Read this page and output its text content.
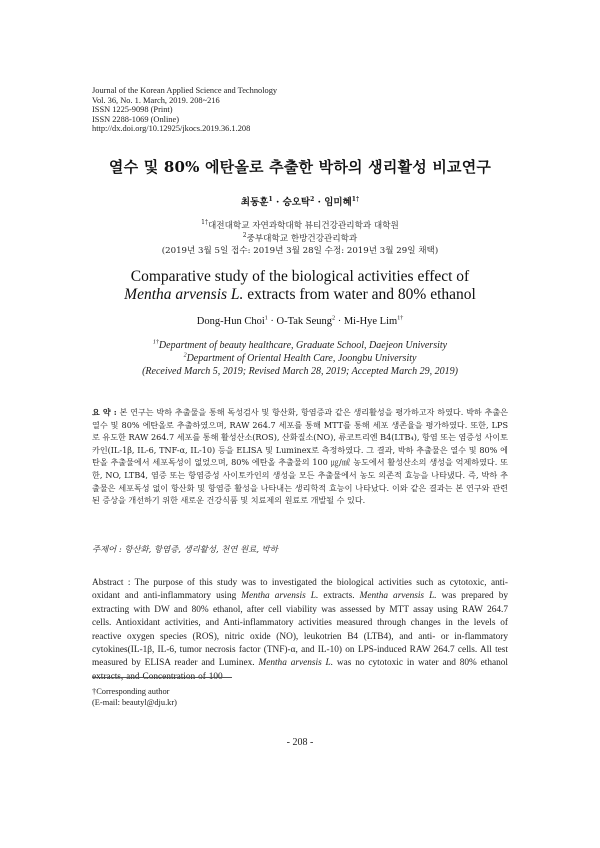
Journal of the Korean Applied Science and Technology
Vol. 36, No. 1. March, 2019. 208~216
ISSN 1225-9098 (Print)
ISSN 2288-1069 (Online)
http://dx.doi.org/10.12925/jkocs.2019.36.1.208
열수 및 80% 에탄올로 추출한 박하의 생리활성 비교연구
최동훈$^1$ · 승오탁$^2$ · 임미혜$^{1\dagger}$
$^{1\dagger}$대전대학교 자연과학대학 뷰티건강관리학과 대학원
$^2$중부대학교 한방건강관리학과
(2019년 3월 5일 접수: 2019년 3월 28일 수정: 2019년 3월 29일 채택)
Comparative study of the biological activities effect of
Mentha arvensis L. extracts from water and 80% ethanol
Dong-Hun Choi$^1$ · O-Tak Seung$^2$ · Mi-Hye Lim$^{1\dagger}$
$^{1\dagger}$Department of beauty healthcare, Graduate School, Daejeon University
$^2$Department of Oriental Health Care, Joongbu University
(Received March 5, 2019; Revised March 28, 2019; Accepted March 29, 2019)
요 약 : 본 연구는 박하 추출물을 통해 독성검사 및 항산화, 항염증과 같은 생리활성을 평가하고자 하였다. 박하 추출은 열수 및 80% 에탄올로 추출하였으며, RAW 264.7 세포를 통해 MTT를 통해 세포 생존율을 평가하였다. 또한, LPS로 유도한 RAW 264.7 세포를 통해 활성산소(ROS), 산화질소(NO), 류코트리엔 B4(LTB₄), 항염 또는 염증성 사이토카인(IL-1β, IL-6, TNF-α, IL-10) 등을 ELISA 및 Luminex로 측정하였다. 그 결과, 박하 추출물은 열수 및 80% 에탄올 추출물에서 세포독성이 없었으며, 80% 에탄올 추출물의 100 ㎍/㎖ 농도에서 활성산소의 생성을 억제하였다. 또한, NO, LTB4, 염증 또는 항염증성 사이토카인의 생성을 모든 추출물에서 농도 의존적 효능을 나타냈다. 즉, 박하 추출물은 세포독성 없이 항산화 및 항염증 활성을 나타내는 생리학적 효능이 나타났다. 이와 같은 결과는 본 연구와 관련된 증상을 개선하기 위한 새로운 건강식품 및 치료제의 원료로 개발될 수 있다.
주제어 : 항산화, 항염증, 생리활성, 천연 원료, 박하
Abstract : The purpose of this study was to investigated the biological activities such as cytotoxic, anti-oxidant and anti-inflammatory using Mentha arvensis L. extracts. Mentha arvensis L. was prepared by extracting with DW and 80% ethanol, after cell viability was assessed by MTT assay using RAW 264.7 cells. Antioxidant activities, and Anti-inflammatory activities measured through changes in the levels of reactive oxygen species (ROS), nitric oxide (NO), leukotrien B4 (LTB4), and anti- or in-flammatory cytokines(IL-1β, IL-6, tumor necrosis factor (TNF)-α, and IL-10) on LPS-induced RAW 264.7 cells. All test measured by ELISA reader and Luminex. Mentha arvensis L. was no cytotoxic in water and 80% ethanol extracts, and Concentration of 100
†Corresponding author
(E-mail: beautyl@dju.kr)
- 208 -
